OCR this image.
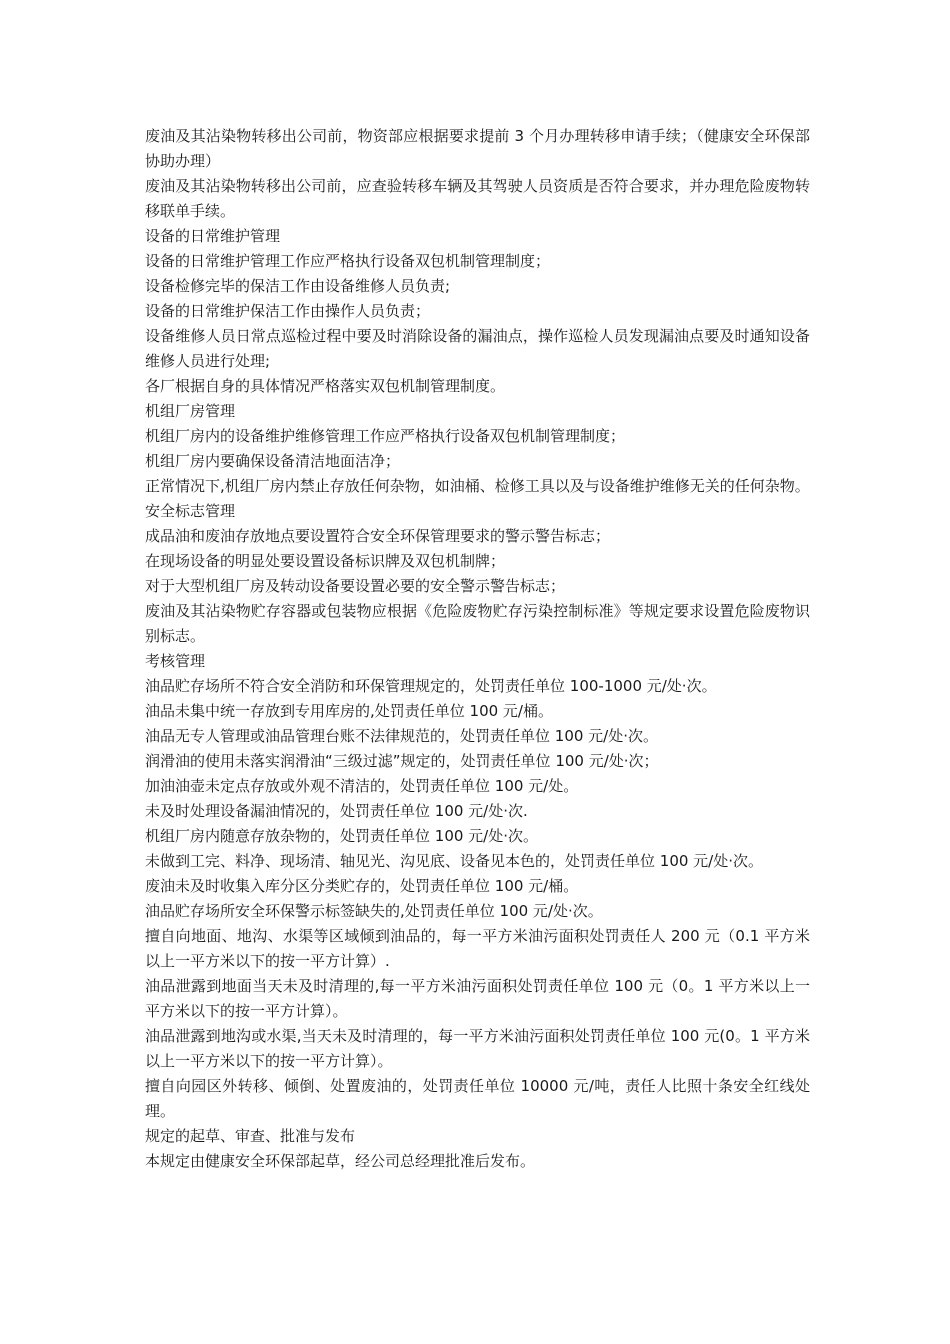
废油及其沾染物转移出公司前，物资部应根据要求提前 3 个月办理转移申请手续；（健康安全环保部协助办理）

废油及其沾染物转移出公司前，应查验转移车辆及其驾驶人员资质是否符合要求，并办理危险废物转移联单手续。

设备的日常维护管理

设备的日常维护管理工作应严格执行设备双包机制管理制度；

设备检修完毕的保洁工作由设备维修人员负责;

设备的日常维护保洁工作由操作人员负责；

设备维修人员日常点巡检过程中要及时消除设备的漏油点，操作巡检人员发现漏油点要及时通知设备维修人员进行处理;

各厂根据自身的具体情况严格落实双包机制管理制度。

机组厂房管理

机组厂房内的设备维护维修管理工作应严格执行设备双包机制管理制度；

机组厂房内要确保设备清洁地面洁净；

正常情况下,机组厂房内禁止存放任何杂物，如油桶、检修工具以及与设备维护维修无关的任何杂物。

安全标志管理

成品油和废油存放地点要设置符合安全环保管理要求的警示警告标志；

在现场设备的明显处要设置设备标识牌及双包机制牌；

对于大型机组厂房及转动设备要设置必要的安全警示警告标志；

废油及其沾染物贮存容器或包装物应根据《危险废物贮存污染控制标准》等规定要求设置危险废物识别标志。

考核管理

油品贮存场所不符合安全消防和环保管理规定的，处罚责任单位 100-1000 元/处·次。

油品未集中统一存放到专用库房的,处罚责任单位 100 元/桶。

油品无专人管理或油品管理台账不法律规范的，处罚责任单位 100 元/处·次。

润滑油的使用未落实润滑油“三级过滤”规定的，处罚责任单位 100 元/处·次；

加油油壶未定点存放或外观不清洁的，处罚责任单位 100 元/处。

未及时处理设备漏油情况的，处罚责任单位 100 元/处·次.

机组厂房内随意存放杂物的，处罚责任单位 100 元/处·次。

未做到工完、料净、现场清、轴见光、沟见底、设备见本色的，处罚责任单位 100 元/处·次。

废油未及时收集入库分区分类贮存的，处罚责任单位 100 元/桶。

油品贮存场所安全环保警示标签缺失的,处罚责任单位 100 元/处·次。

擅自向地面、地沟、水渠等区域倾到油品的，每一平方米油污面积处罚责任人 200 元（0.1 平方米以上一平方米以下的按一平方计算）.

油品泄露到地面当天未及时清理的,每一平方米油污面积处罚责任单位 100 元（0。1 平方米以上一平方米以下的按一平方计算）。

油品泄露到地沟或水渠,当天未及时清理的，每一平方米油污面积处罚责任单位 100 元(0。1 平方米以上一平方米以下的按一平方计算）。

擅自向园区外转移、倾倒、处置废油的，处罚责任单位 10000 元/吨，责任人比照十条安全红线处理。

规定的起草、审查、批准与发布

本规定由健康安全环保部起草，经公司总经理批准后发布。
